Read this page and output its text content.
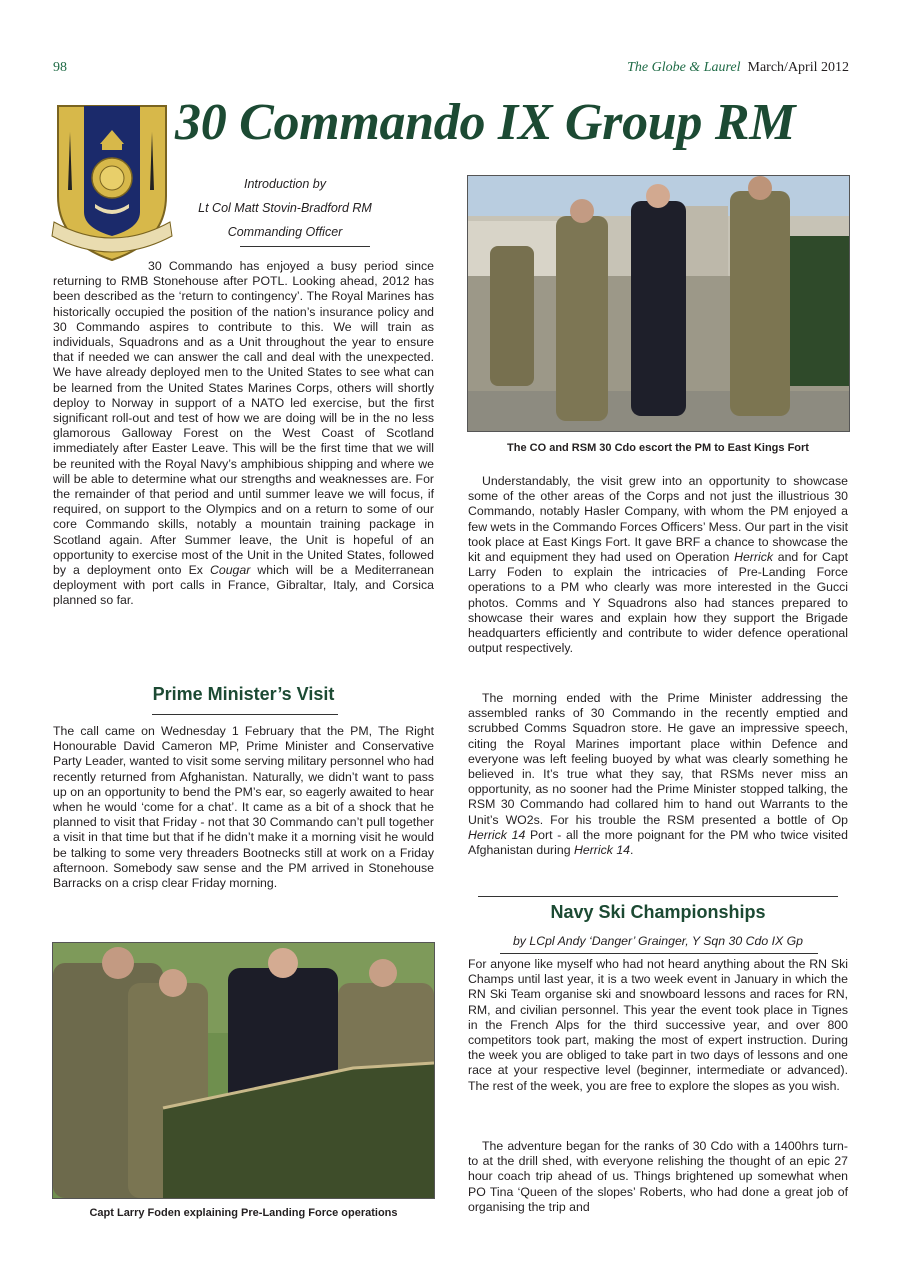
98	The Globe & Laurel March/April 2012
30 Commando IX Group RM
Introduction by
Lt Col Matt Stovin-Bradford RM
Commanding Officer
30 Commando has enjoyed a busy period since returning to RMB Stonehouse after POTL. Looking ahead, 2012 has been described as the ‘return to contingency’. The Royal Marines has historically occupied the position of the nation’s insurance policy and 30 Commando aspires to contribute to this. We will train as individuals, Squadrons and as a Unit throughout the year to ensure that if needed we can answer the call and deal with the unexpected. We have already deployed men to the United States to see what can be learned from the United States Marines Corps, others will shortly deploy to Norway in support of a NATO led exercise, but the first significant roll-out and test of how we are doing will be in the no less glamorous Galloway Forest on the West Coast of Scotland immediately after Easter Leave. This will be the first time that we will be reunited with the Royal Navy’s amphibious shipping and where we will be able to determine what our strengths and weaknesses are. For the remainder of that period and until summer leave we will focus, if required, on support to the Olympics and on a return to some of our core Commando skills, notably a mountain training package in Scotland again. After Summer leave, the Unit is hopeful of an opportunity to exercise most of the Unit in the United States, followed by a deployment onto Ex Cougar which will be a Mediterranean deployment with port calls in France, Gibraltar, Italy, and Corsica planned so far.
Prime Minister’s Visit
The call came on Wednesday 1 February that the PM, The Right Honourable David Cameron MP, Prime Minister and Conservative Party Leader, wanted to visit some serving military personnel who had recently returned from Afghanistan. Naturally, we didn’t want to pass up on an opportunity to bend the PM’s ear, so eagerly awaited to hear when he would ‘come for a chat’. It came as a bit of a shock that he planned to visit that Friday - not that 30 Commando can’t pull together a visit in that time but that if he didn’t make it a morning visit he would be talking to some very threaders Bootnecks still at work on a Friday afternoon. Somebody saw sense and the PM arrived in Stonehouse Barracks on a crisp clear Friday morning.
The CO and RSM 30 Cdo escort the PM to East Kings Fort
Understandably, the visit grew into an opportunity to showcase some of the other areas of the Corps and not just the illustrious 30 Commando, notably Hasler Company, with whom the PM enjoyed a few wets in the Commando Forces Officers’ Mess. Our part in the visit took place at East Kings Fort. It gave BRF a chance to showcase the kit and equipment they had used on Operation Herrick and for Capt Larry Foden to explain the intricacies of Pre-Landing Force operations to a PM who clearly was more interested in the Gucci photos. Comms and Y Squadrons also had stances prepared to showcase their wares and explain how they support the Brigade headquarters efficiently and contribute to wider defence operational output respectively.
The morning ended with the Prime Minister addressing the assembled ranks of 30 Commando in the recently emptied and scrubbed Comms Squadron store. He gave an impressive speech, citing the Royal Marines important place within Defence and everyone was left feeling buoyed by what was clearly something he believed in. It’s true what they say, that RSMs never miss an opportunity, as no sooner had the Prime Minister stopped talking, the RSM 30 Commando had collared him to hand out Warrants to the Unit’s WO2s. For his trouble the RSM presented a bottle of Op Herrick 14 Port - all the more poignant for the PM who twice visited Afghanistan during Herrick 14.
Navy Ski Championships
by LCpl Andy ‘Danger’ Grainger, Y Sqn 30 Cdo IX Gp
For anyone like myself who had not heard anything about the RN Ski Champs until last year, it is a two week event in January in which the RN Ski Team organise ski and snowboard lessons and races for RN, RM, and civilian personnel. This year the event took place in Tignes in the French Alps for the third successive year, and over 800 competitors took part, making the most of expert instruction. During the week you are obliged to take part in two days of lessons and one race at your respective level (beginner, intermediate or advanced). The rest of the week, you are free to explore the slopes as you wish.
The adventure began for the ranks of 30 Cdo with a 1400hrs turn-to at the drill shed, with everyone relishing the thought of an epic 27 hour coach trip ahead of us. Things brightened up somewhat when PO Tina ‘Queen of the slopes’ Roberts, who had done a great job of organising the trip and
Capt Larry Foden explaining Pre-Landing Force operations
